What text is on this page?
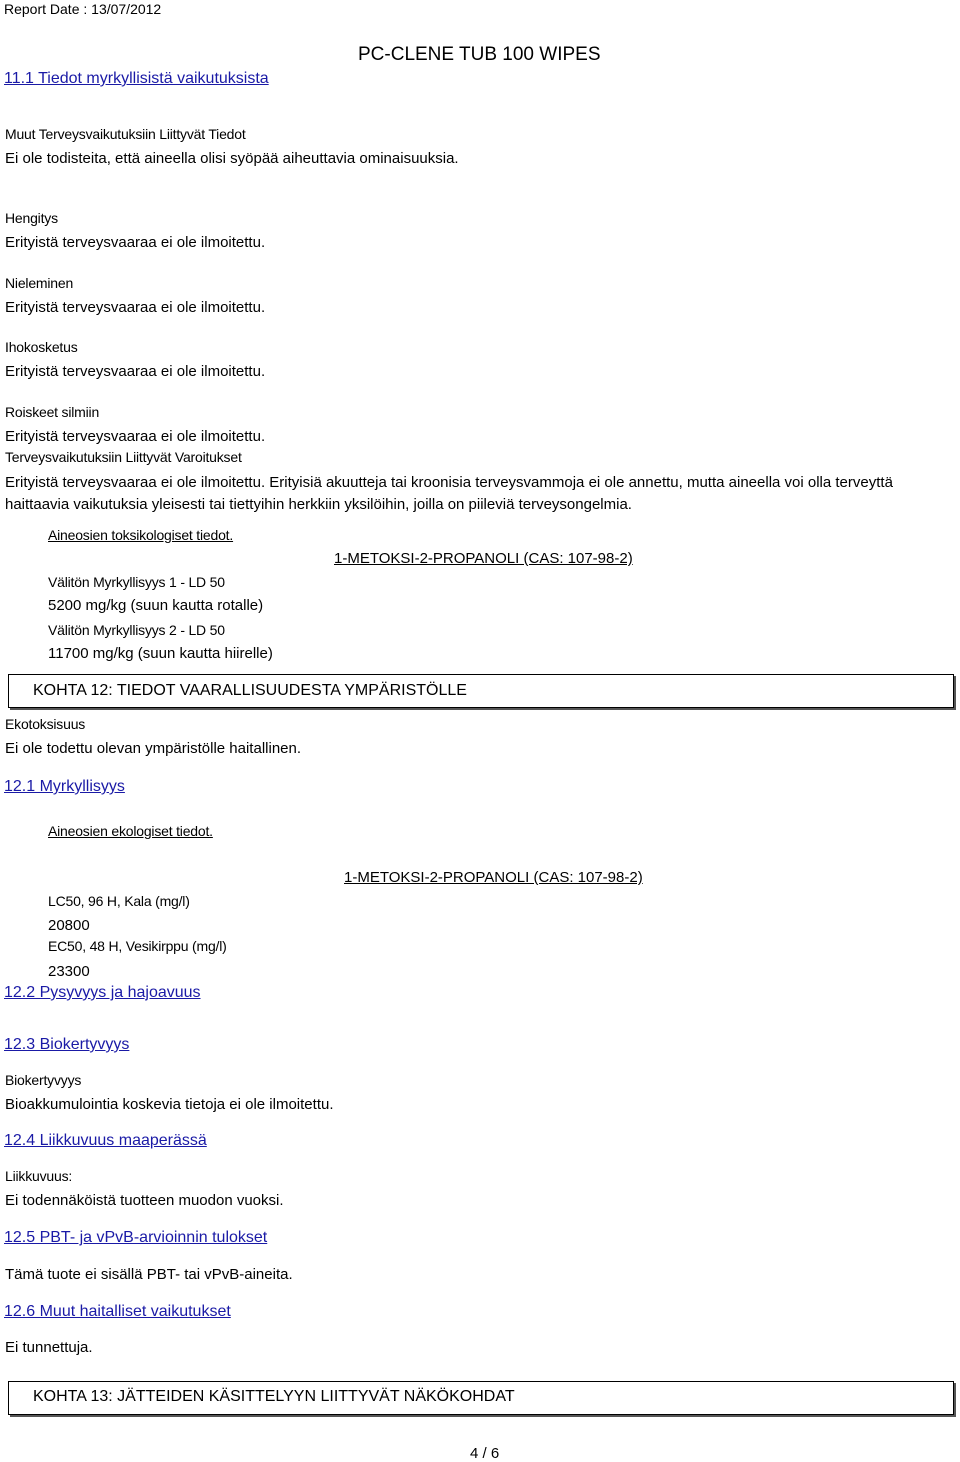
Report Date : 13/07/2012
PC-CLENE TUB 100 WIPES
11.1 Tiedot myrkyllisistä vaikutuksista
Muut Terveysvaikutuksiin Liittyvät Tiedot
Ei ole todisteita, että aineella olisi syöpää aiheuttavia ominaisuuksia.
Hengitys
Erityistä terveysvaaraa ei ole ilmoitettu.
Nieleminen
Erityistä terveysvaaraa ei ole ilmoitettu.
Ihokosketus
Erityistä terveysvaaraa ei ole ilmoitettu.
Roiskeet silmiin
Erityistä terveysvaaraa ei ole ilmoitettu.
Terveysvaikutuksiin Liittyvät Varoitukset
Erityistä terveysvaaraa ei ole ilmoitettu. Erityisiä akuutteja tai kroonisia terveysvammoja ei ole annettu, mutta aineella voi olla terveyttä haittaavia vaikutuksia yleisesti tai tiettyihin herkkiin yksilöihin, joilla on piileviä terveysongelmia.
Aineosien toksikologiset tiedot.
1-METOKSI-2-PROPANOLI (CAS: 107-98-2)
Välitön Myrkyllisyys 1 - LD 50
5200 mg/kg (suun kautta rotalle)
Välitön Myrkyllisyys 2 - LD 50
11700 mg/kg (suun kautta hiirelle)
KOHTA 12: TIEDOT VAARALLISUUDESTA YMPÄRISTÖLLE
Ekotoksisuus
Ei ole todettu olevan ympäristölle haitallinen.
12.1 Myrkyllisyys
Aineosien ekologiset tiedot.
1-METOKSI-2-PROPANOLI (CAS: 107-98-2)
LC50, 96 H, Kala (mg/l)
20800
EC50, 48 H, Vesikirppu (mg/l)
23300
12.2 Pysyvyys ja hajoavuus
12.3 Biokertyvyys
Biokertyvyys
Bioakkumulointia koskevia tietoja ei ole ilmoitettu.
12.4 Liikkuvuus maaperässä
Liikkuvuus:
Ei todennäköistä tuotteen muodon vuoksi.
12.5 PBT- ja vPvB-arvioinnin tulokset
Tämä tuote ei sisällä PBT- tai vPvB-aineita.
12.6 Muut haitalliset vaikutukset
Ei tunnettuja.
KOHTA 13: JÄTTEIDEN KÄSITTELYYN LIITTYVÄT NÄKÖKOHDAT
4 / 6
